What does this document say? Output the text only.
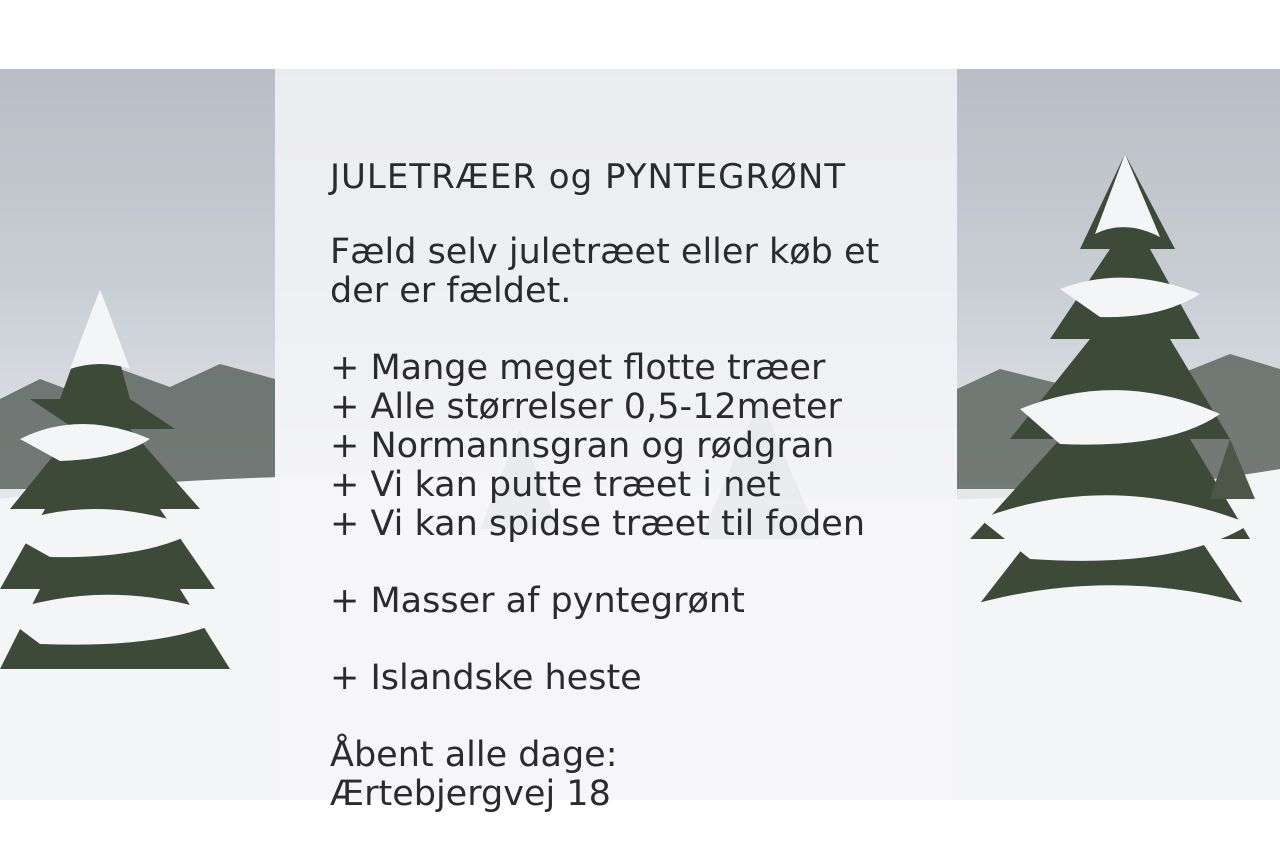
JULETRÆER og PYNTEGRØNT

Fæld selv juletræet eller køb et der er fældet.

+ Mange meget flotte træer
+ Alle størrelser 0,5-12meter
+ Normannsgran og rødgran
+ Vi kan putte træet i net
+ Vi kan spidse træet til foden

+ Masser af pyntegrønt

+ Islandske heste

Åbent alle dage:
Ærtebjergvej 18
